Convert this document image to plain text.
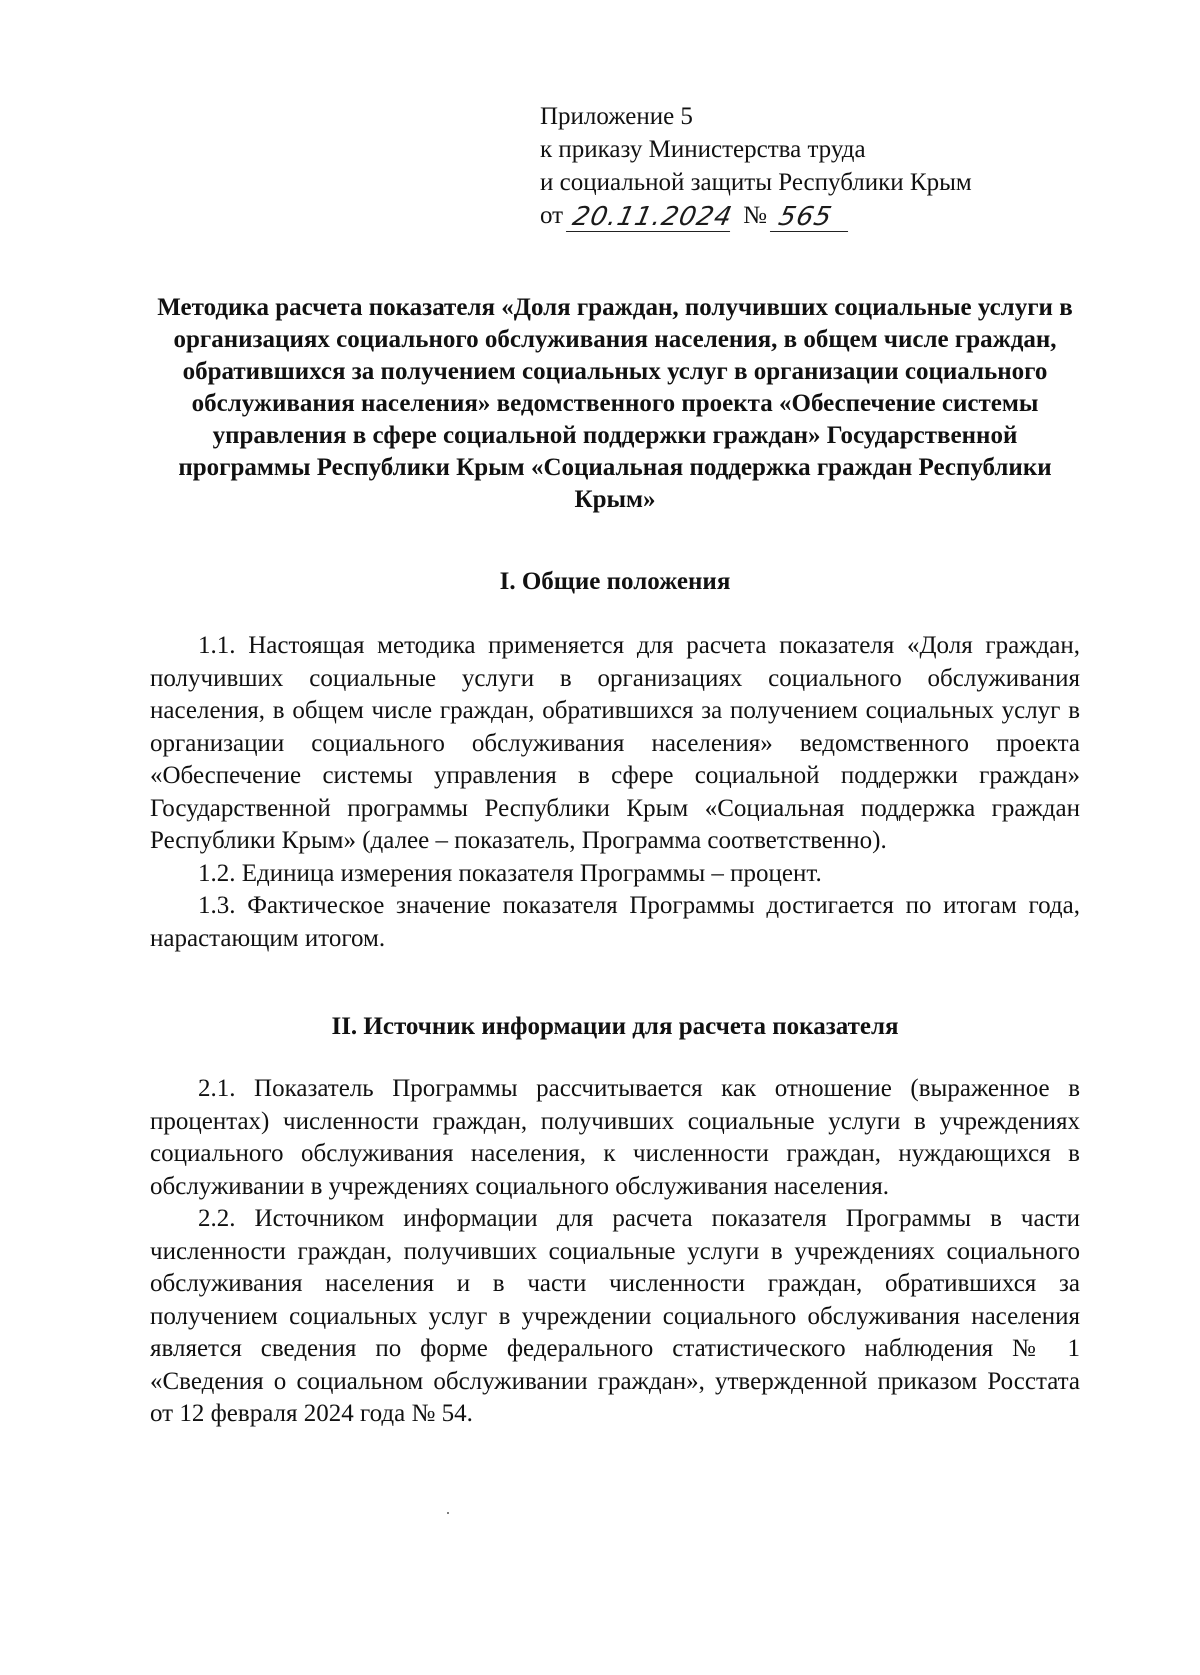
Приложение 5
к приказу Министерства труда
и социальной защиты Республики Крым
от 20.11.2024 № 565
Методика расчета показателя «Доля граждан, получивших социальные услуги в организациях социального обслуживания населения, в общем числе граждан, обратившихся за получением социальных услуг в организации социального обслуживания населения» ведомственного проекта «Обеспечение системы управления в сфере социальной поддержки граждан» Государственной программы Республики Крым «Социальная поддержка граждан Республики Крым»
I. Общие положения

1.1. Настоящая методика применяется для расчета показателя «Доля граждан, получивших социальные услуги в организациях социального обслуживания населения, в общем числе граждан, обратившихся за получением социальных услуг в организации социального обслуживания населения» ведомственного проекта «Обеспечение системы управления в сфере социальной поддержки граждан» Государственной программы Республики Крым «Социальная поддержка граждан Республики Крым» (далее – показатель, Программа соответственно).

1.2. Единица измерения показателя Программы – процент.

1.3. Фактическое значение показателя Программы достигается по итогам года, нарастающим итогом.

II. Источник информации для расчета показателя

2.1. Показатель Программы рассчитывается как отношение (выраженное в процентах) численности граждан, получивших социальные услуги в учреждениях социального обслуживания населения, к численности граждан, нуждающихся в обслуживании в учреждениях социального обслуживания населения.

2.2. Источником информации для расчета показателя Программы в части численности граждан, получивших социальные услуги в учреждениях социального обслуживания населения и в части численности граждан, обратившихся за получением социальных услуг в учреждении социального обслуживания населения является сведения по форме федерального статистического наблюдения № 1 «Сведения о социальном обслуживании граждан», утвержденной приказом Росстата от 12 февраля 2024 года № 54.
